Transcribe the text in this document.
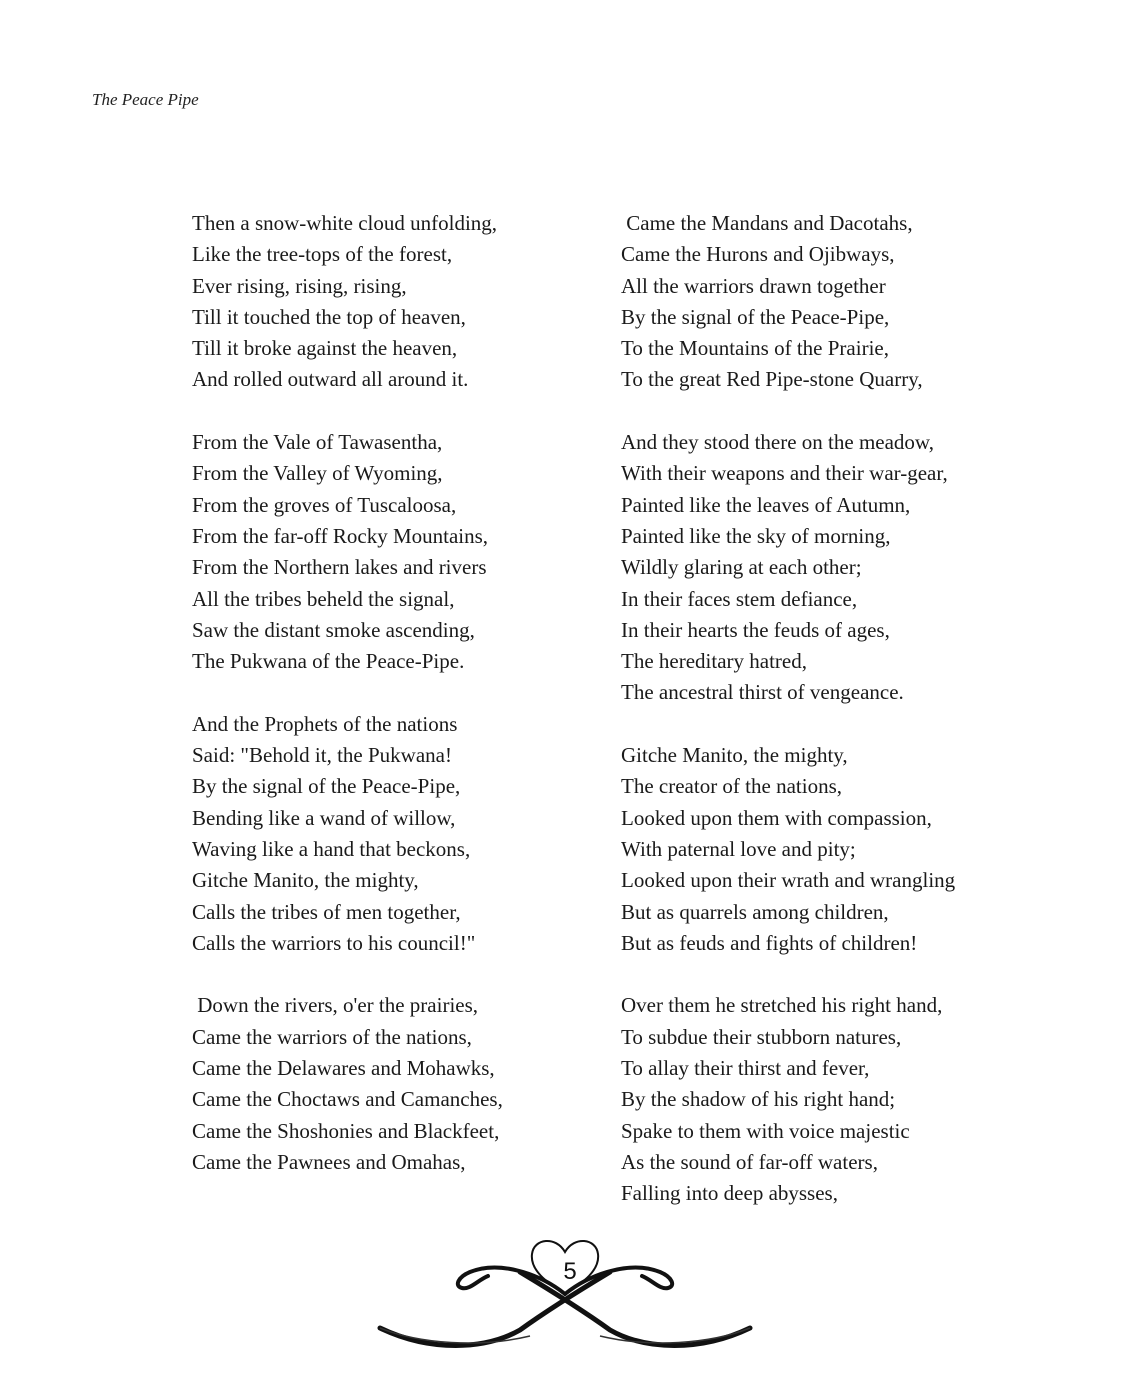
The Peace Pipe
Then a snow-white cloud unfolding,
Like the tree-tops of the forest,
Ever rising, rising, rising,
Till it touched the top of heaven,
Till it broke against the heaven,
And rolled outward all around it.
From the Vale of Tawasentha,
From the Valley of Wyoming,
From the groves of Tuscaloosa,
From the far-off Rocky Mountains,
From the Northern lakes and rivers
All the tribes beheld the signal,
Saw the distant smoke ascending,
The Pukwana of the Peace-Pipe.
And the Prophets of the nations
Said: "Behold it, the Pukwana!
By the signal of the Peace-Pipe,
Bending like a wand of willow,
Waving like a hand that beckons,
Gitche Manito, the mighty,
Calls the tribes of men together,
Calls the warriors to his council!"
Down the rivers, o'er the prairies,
Came the warriors of the nations,
Came the Delawares and Mohawks,
Came the Choctaws and Camanches,
Came the Shoshonies and Blackfeet,
Came the Pawnees and Omahas,
Came the Mandans and Dacotahs,
Came the Hurons and Ojibways,
All the warriors drawn together
By the signal of the Peace-Pipe,
To the Mountains of the Prairie,
To the great Red Pipe-stone Quarry,
And they stood there on the meadow,
With their weapons and their war-gear,
Painted like the leaves of Autumn,
Painted like the sky of morning,
Wildly glaring at each other;
In their faces stem defiance,
In their hearts the feuds of ages,
The hereditary hatred,
The ancestral thirst of vengeance.
Gitche Manito, the mighty,
The creator of the nations,
Looked upon them with compassion,
With paternal love and pity;
Looked upon their wrath and wrangling
But as quarrels among children,
But as feuds and fights of children!
Over them he stretched his right hand,
To subdue their stubborn natures,
To allay their thirst and fever,
By the shadow of his right hand;
Spake to them with voice majestic
As the sound of far-off waters,
Falling into deep abysses,
5
